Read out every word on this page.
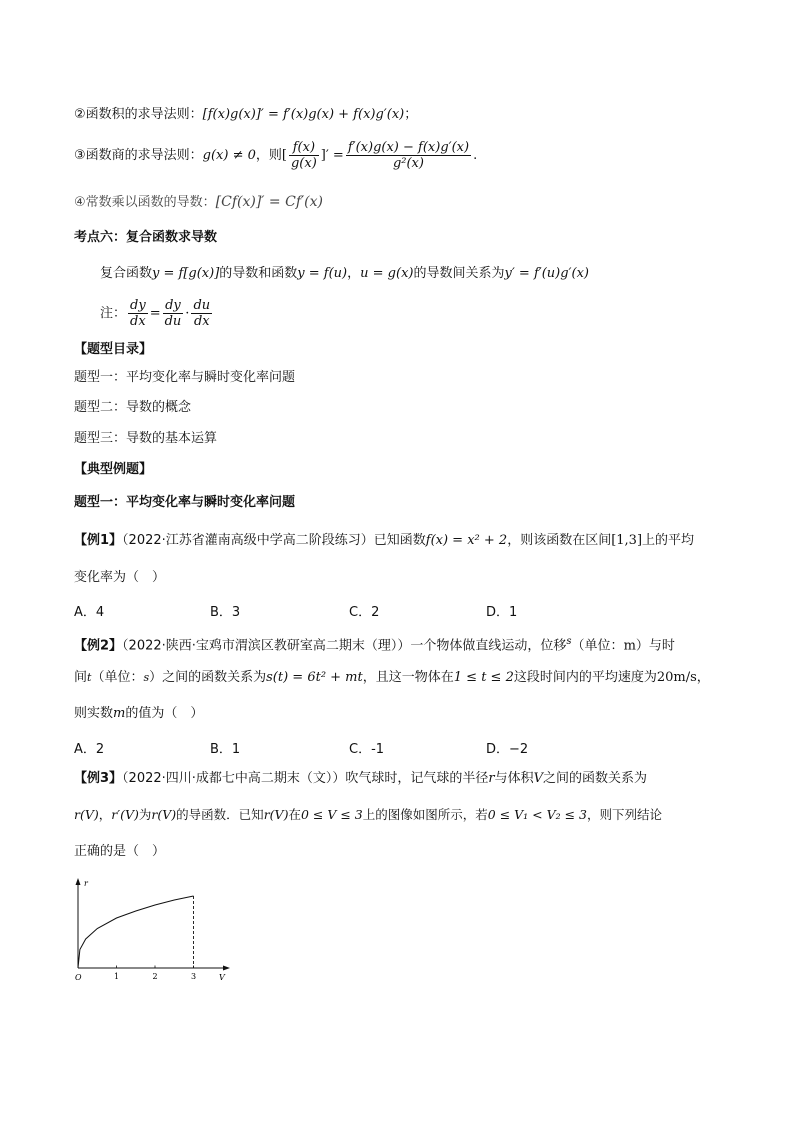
②函数积的求导法则：[f(x)g(x)]′ = f′(x)g(x) + f(x)g′(x)；
③函数商的求导法则：g(x) ≠ 0，则[ $\frac{f(x)}{g(x)}$ ]′ = $\frac{f'(x)g(x) - f(x)g'(x)}{\text{g²(x)}}$ .
④常数乘以函数的导数：[Cf(x)]′ = Cf′(x)
考点六：复合函数求导数
复合函数y = f[g(x)]的导数和函数y = f(u)，u = g(x)的导数间关系为y′ = f′(u)g′(x)
注： $\frac{dy}{dx} = \frac{dy}{du} \cdot \frac{du}{dx}$
【题型目录】
题型一：平均变化率与瞬时变化率问题
题型二：导数的概念
题型三：导数的基本运算
【典型例题】
题型一：平均变化率与瞬时变化率问题
【例1】（2022·江苏省灌南高级中学高二阶段练习）已知函数f(x) = x² + 2，则该函数在区间[1,3]上的平均
变化率为（　）
A．4	B．3	C．2	D．1
【例2】（2022·陕西·宝鸡市渭滨区教研室高二期末（理））一个物体做直线运动，位移$^s$（单位：m）与时
间t（单位：s）之间的函数关系为s(t) = 6t² + mt，且这一物体在1 ≤ t ≤ 2这段时间内的平均速度为20m/s，
则实数m的值为（　）
A．2	B．1	C．-1	D．−2
【例3】（2022·四川·成都七中高二期末（文））吹气球时，记气球的半径r与体积V之间的函数关系为
r(V)，r′(V)为r(V)的导函数．已知r(V)在0 ≤ V ≤ 3上的图像如图所示，若0 ≤ V₁ < V₂ ≤ 3，则下列结论
正确的是（　）
r
V
O	1	2	3
